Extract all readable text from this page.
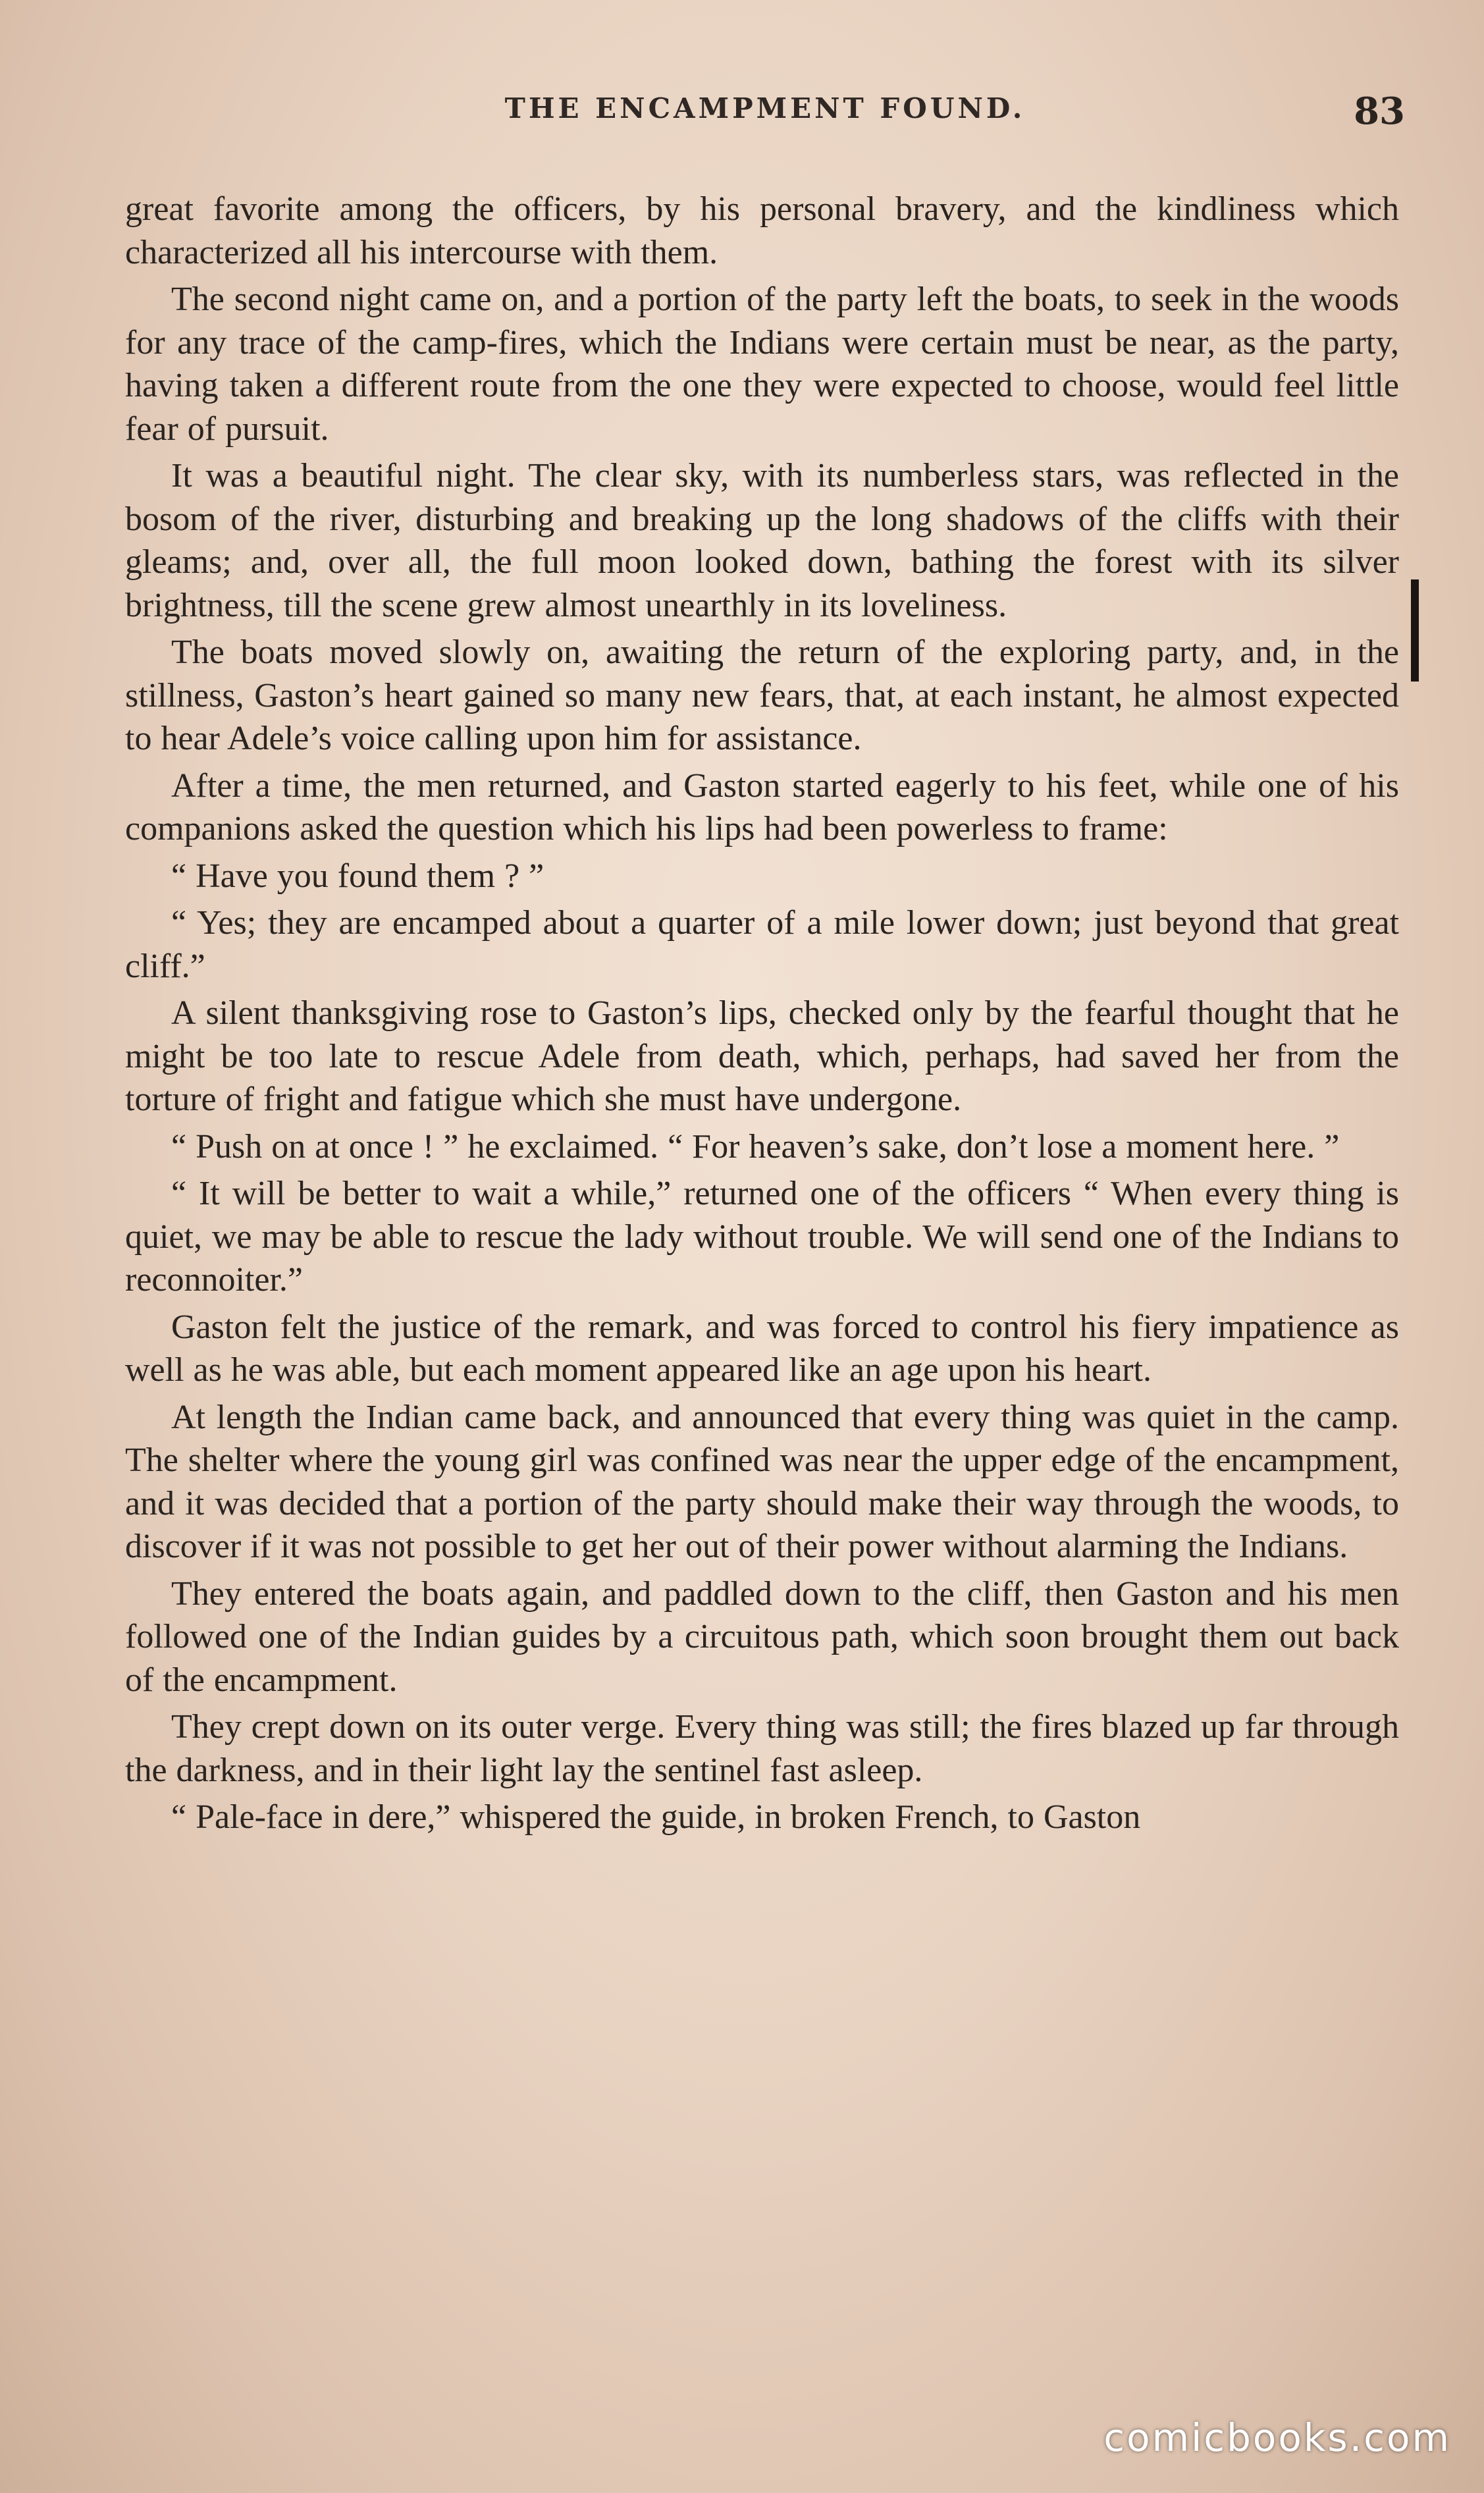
THE ENCAMPMENT FOUND.	83

great favorite among the officers, by his personal bravery, and the kindliness which characterized all his intercourse with them.

The second night came on, and a portion of the party left the boats, to seek in the woods for any trace of the camp-fires, which the Indians were certain must be near, as the party, having taken a different route from the one they were expected to choose, would feel little fear of pursuit.

It was a beautiful night. The clear sky, with its numberless stars, was reflected in the bosom of the river, disturbing and breaking up the long shadows of the cliffs with their gleams; and, over all, the full moon looked down, bathing the forest with its silver brightness, till the scene grew almost unearthly in its loveliness.

The boats moved slowly on, awaiting the return of the exploring party, and, in the stillness, Gaston’s heart gained so many new fears, that, at each instant, he almost expected to hear Adele’s voice calling upon him for assistance.

After a time, the men returned, and Gaston started eagerly to his feet, while one of his companions asked the question which his lips had been powerless to frame:

“ Have you found them ? ”

“ Yes; they are encamped about a quarter of a mile lower down; just beyond that great cliff.”

A silent thanksgiving rose to Gaston’s lips, checked only by the fearful thought that he might be too late to rescue Adele from death, which, perhaps, had saved her from the torture of fright and fatigue which she must have undergone.

“ Push on at once ! ” he exclaimed. “ For heaven’s sake, don’t lose a moment here. ”

“ It will be better to wait a while,” returned one of the officers “ When every thing is quiet, we may be able to rescue the lady without trouble. We will send one of the Indians to reconnoiter.”

Gaston felt the justice of the remark, and was forced to control his fiery impatience as well as he was able, but each moment appeared like an age upon his heart.

At length the Indian came back, and announced that every thing was quiet in the camp. The shelter where the young girl was confined was near the upper edge of the encampment, and it was decided that a portion of the party should make their way through the woods, to discover if it was not possible to get her out of their power without alarming the Indians.

They entered the boats again, and paddled down to the cliff, then Gaston and his men followed one of the Indian guides by a circuitous path, which soon brought them out back of the encampment.

They crept down on its outer verge. Every thing was still; the fires blazed up far through the darkness, and in their light lay the sentinel fast asleep.

“ Pale-face in dere,” whispered the guide, in broken French, to Gaston

comicbooks.com
